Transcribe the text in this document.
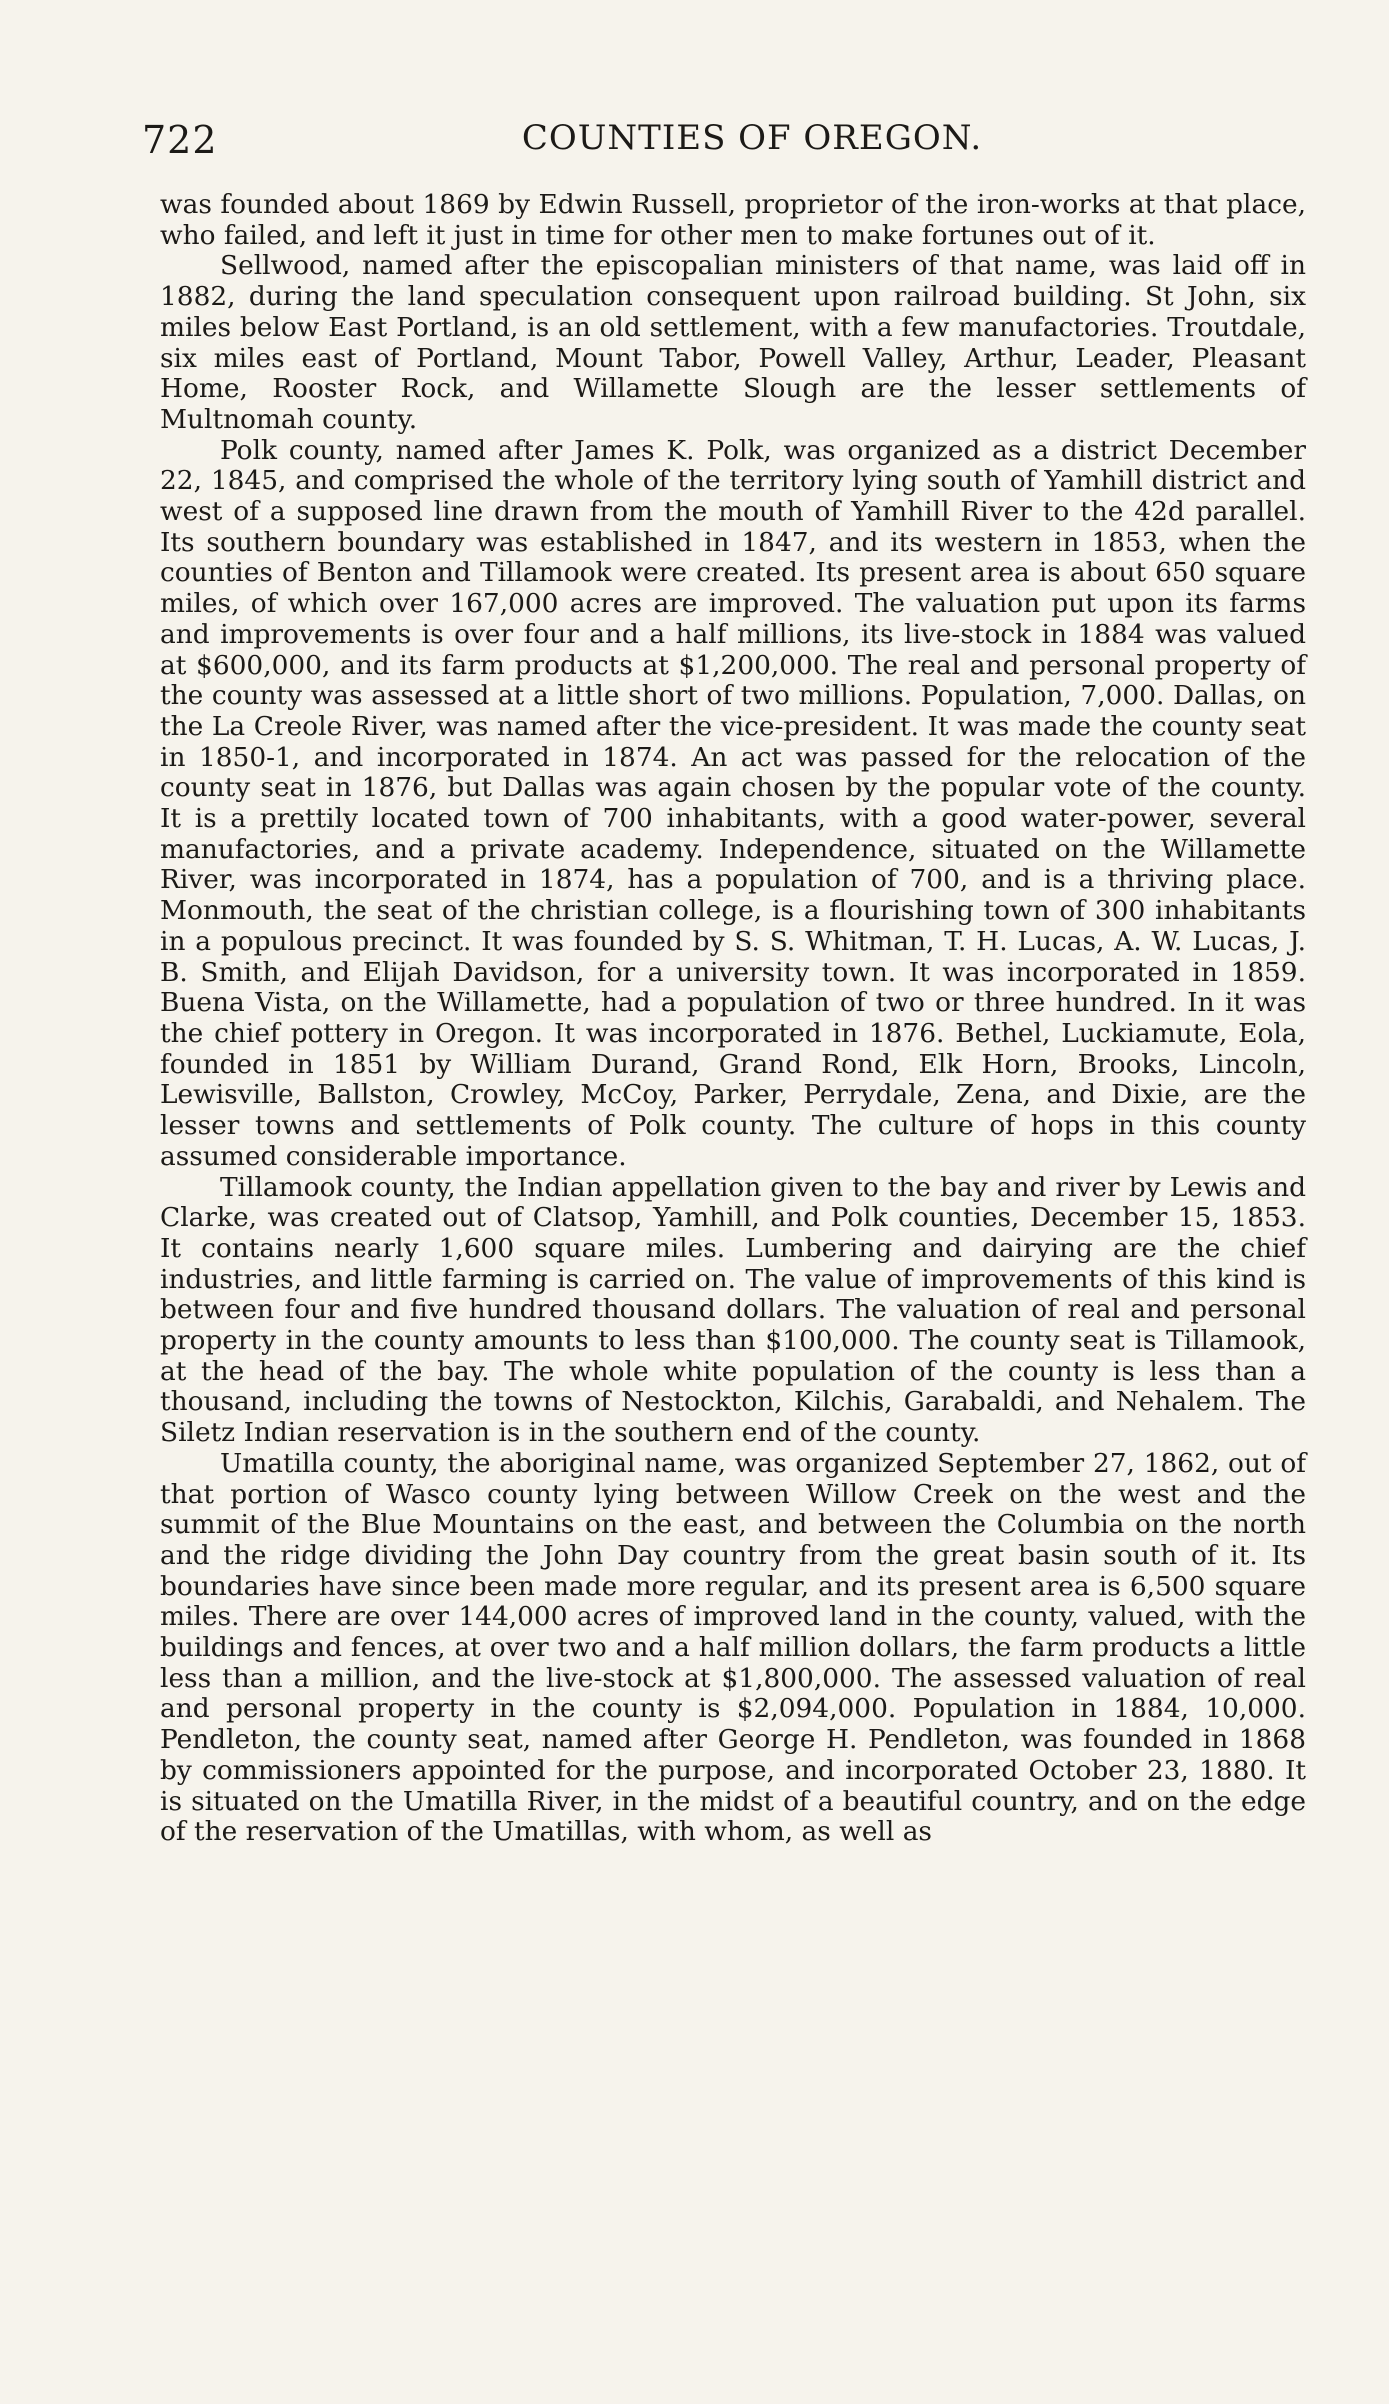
722	COUNTIES OF OREGON.

was founded about 1869 by Edwin Russell, proprietor of the iron-works at that place, who failed, and left it just in time for other men to make fortunes out of it.

Sellwood, named after the episcopalian ministers of that name, was laid off in 1882, during the land speculation consequent upon railroad building. St John, six miles below East Portland, is an old settlement, with a few manufactories. Troutdale, six miles east of Portland, Mount Tabor, Powell Valley, Arthur, Leader, Pleasant Home, Rooster Rock, and Willamette Slough are the lesser settlements of Multnomah county.

Polk county, named after James K. Polk, was organized as a district December 22, 1845, and comprised the whole of the territory lying south of Yamhill district and west of a supposed line drawn from the mouth of Yamhill River to the 42d parallel. Its southern boundary was established in 1847, and its western in 1853, when the counties of Benton and Tillamook were created. Its present area is about 650 square miles, of which over 167,000 acres are improved. The valuation put upon its farms and improvements is over four and a half millions, its live-stock in 1884 was valued at $600,000, and its farm products at $1,200,000. The real and personal property of the county was assessed at a little short of two millions. Population, 7,000. Dallas, on the La Creole River, was named after the vice-president. It was made the county seat in 1850-1, and incorporated in 1874. An act was passed for the relocation of the county seat in 1876, but Dallas was again chosen by the popular vote of the county. It is a prettily located town of 700 inhabitants, with a good water-power, several manufactories, and a private academy. Independence, situated on the Willamette River, was incorporated in 1874, has a population of 700, and is a thriving place. Monmouth, the seat of the christian college, is a flourishing town of 300 inhabitants in a populous precinct. It was founded by S. S. Whitman, T. H. Lucas, A. W. Lucas, J. B. Smith, and Elijah Davidson, for a university town. It was incorporated in 1859. Buena Vista, on the Willamette, had a population of two or three hundred. In it was the chief pottery in Oregon. It was incorporated in 1876. Bethel, Luckiamute, Eola, founded in 1851 by William Durand, Grand Rond, Elk Horn, Brooks, Lincoln, Lewisville, Ballston, Crowley, McCoy, Parker, Perrydale, Zena, and Dixie, are the lesser towns and settlements of Polk county. The culture of hops in this county assumed considerable importance.

Tillamook county, the Indian appellation given to the bay and river by Lewis and Clarke, was created out of Clatsop, Yamhill, and Polk counties, December 15, 1853. It contains nearly 1,600 square miles. Lumbering and dairying are the chief industries, and little farming is carried on. The value of improvements of this kind is between four and five hundred thousand dollars. The valuation of real and personal property in the county amounts to less than $100,000. The county seat is Tillamook, at the head of the bay. The whole white population of the county is less than a thousand, including the towns of Nestockton, Kilchis, Garabaldi, and Nehalem. The Siletz Indian reservation is in the southern end of the county.

Umatilla county, the aboriginal name, was organized September 27, 1862, out of that portion of Wasco county lying between Willow Creek on the west and the summit of the Blue Mountains on the east, and between the Columbia on the north and the ridge dividing the John Day country from the great basin south of it. Its boundaries have since been made more regular, and its present area is 6,500 square miles. There are over 144,000 acres of improved land in the county, valued, with the buildings and fences, at over two and a half million dollars, the farm products a little less than a million, and the live-stock at $1,800,000. The assessed valuation of real and personal property in the county is $2,094,000. Population in 1884, 10,000. Pendleton, the county seat, named after George H. Pendleton, was founded in 1868 by commissioners appointed for the purpose, and incorporated October 23, 1880. It is situated on the Umatilla River, in the midst of a beautiful country, and on the edge of the reservation of the Umatillas, with whom, as well as
